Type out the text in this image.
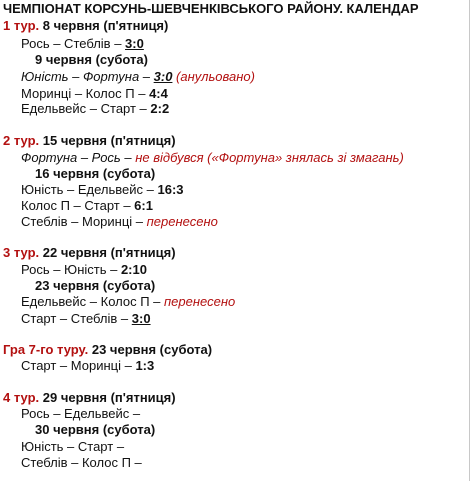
ЧЕМПІОНАТ КОРСУНЬ-ШЕВЧЕНКІВСЬКОГО РАЙОНУ. КАЛЕНДАР
1 тур. 8 червня (п'ятниця)
Рось – Стеблів – 3:0
9 червня (субота)
Юність – Фортуна – 3:0 (анульовано)
Моринці – Колос П – 4:4
Едельвейс – Старт – 2:2
2 тур. 15 червня (п'ятниця)
Фортуна – Рось – не відбувся («Фортуна» знялась зі змагань)
16 червня (субота)
Юність – Едельвейс – 16:3
Колос П – Старт – 6:1
Стеблів – Моринці – перенесено
3 тур. 22 червня (п'ятниця)
Рось – Юність – 2:10
23 червня (субота)
Едельвейс – Колос П – перенесено
Старт – Стеблів – 3:0
Гра 7-го туру. 23 червня (субота)
Старт – Моринці – 1:3
4 тур. 29 червня (п'ятниця)
Рось – Едельвейс –
30 червня (субота)
Юність – Старт –
Стеблів – Колос П –
